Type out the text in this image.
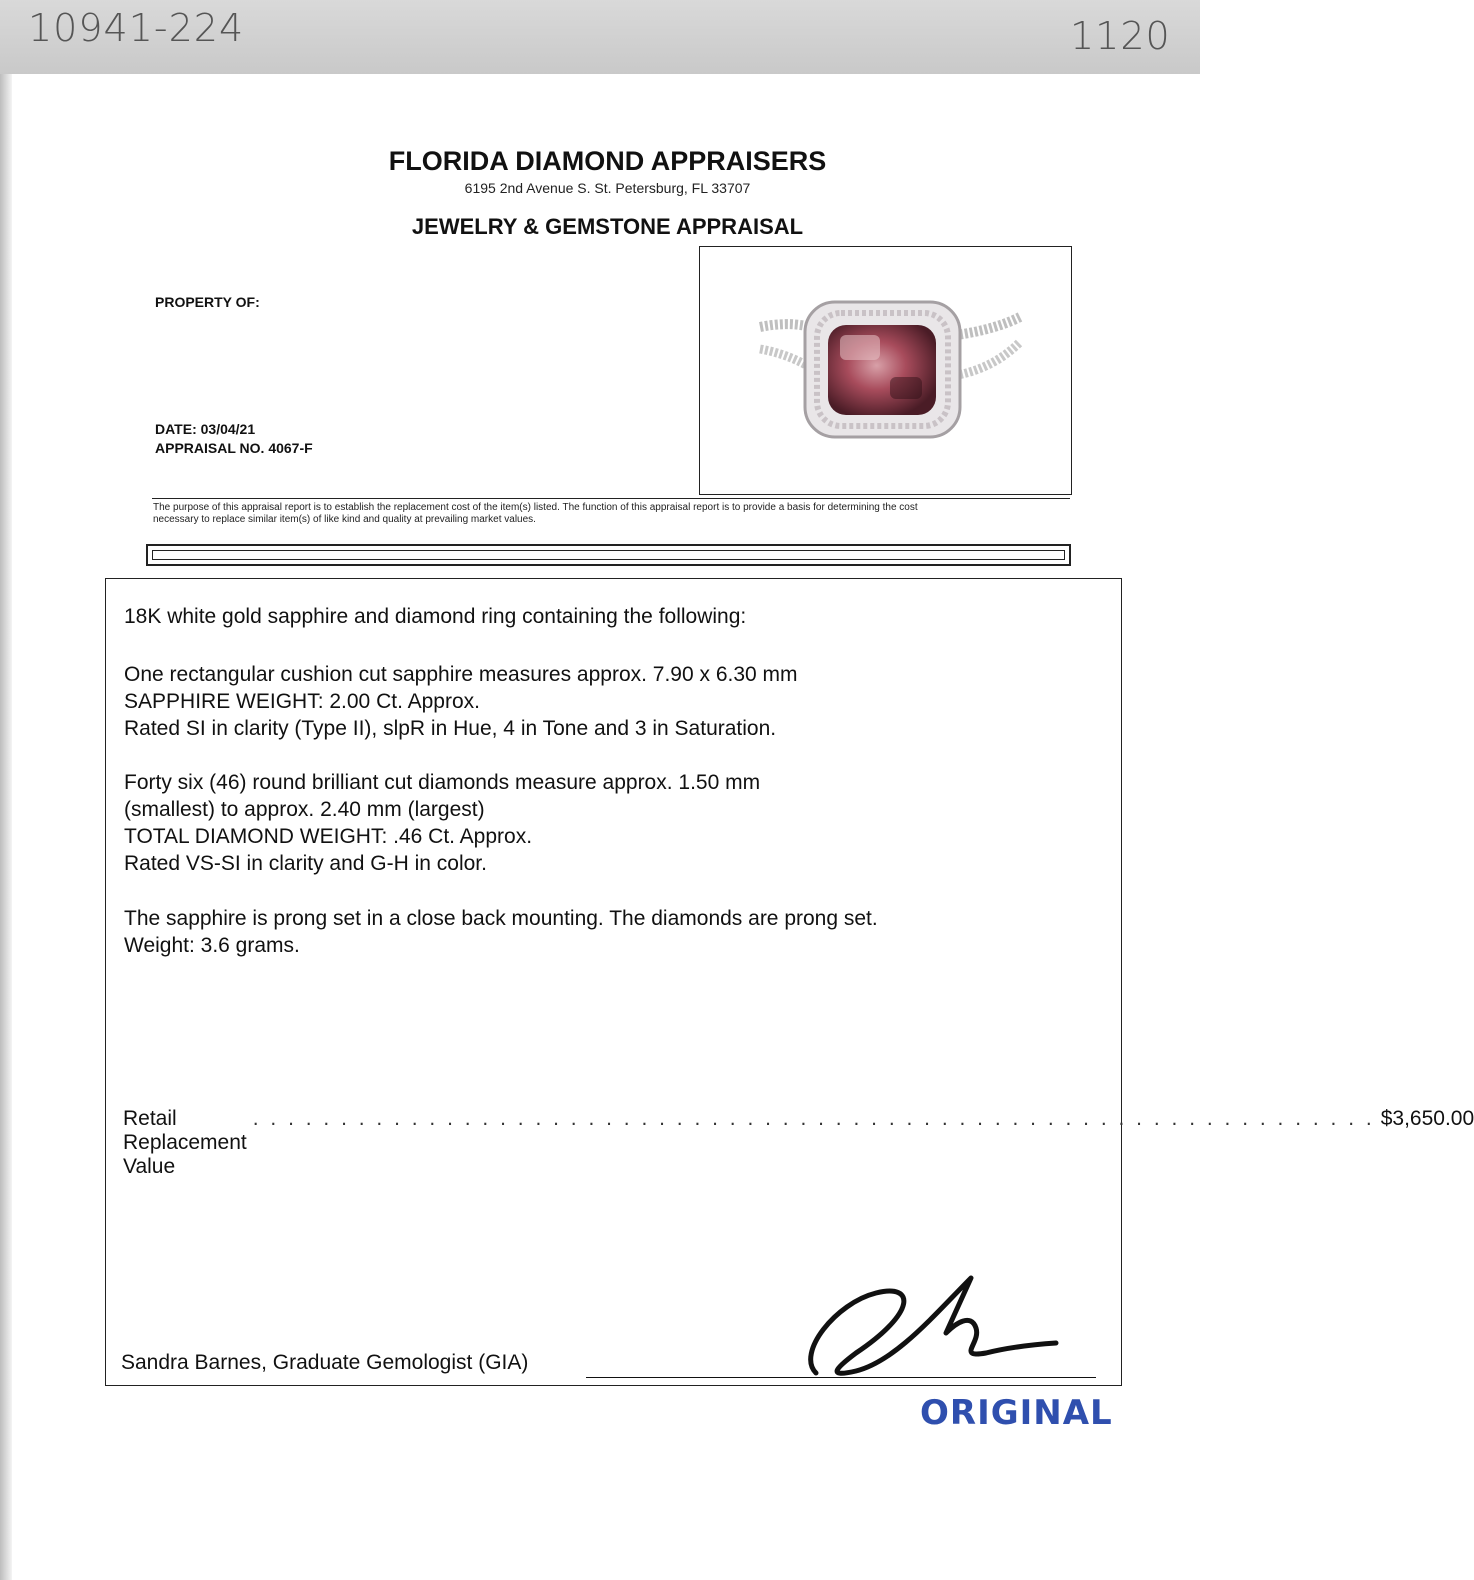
10941-224	1120
FLORIDA DIAMOND APPRAISERS
6195 2nd Avenue S. St. Petersburg, FL 33707
JEWELRY & GEMSTONE APPRAISAL
PROPERTY OF:
DATE: 03/04/21
APPRAISAL NO. 4067-F
The purpose of this appraisal report is to establish the replacement cost of the item(s) listed. The function of this appraisal report is to provide a basis for determining the cost
necessary to replace similar item(s) of like kind and quality at prevailing market values.
18K white gold sapphire and diamond ring containing the following:
One rectangular cushion cut sapphire measures approx. 7.90 x 6.30 mm
SAPPHIRE WEIGHT: 2.00 Ct. Approx.
Rated SI in clarity (Type II), slpR in Hue, 4 in Tone and 3 in Saturation.
Forty six (46) round brilliant cut diamonds measure approx. 1.50 mm
(smallest) to approx. 2.40 mm (largest)
TOTAL DIAMOND WEIGHT: .46 Ct. Approx.
Rated VS-SI in clarity and G-H in color.
The sapphire is prong set in a close back mounting. The diamonds are prong set.
Weight: 3.6 grams.
Retail Replacement Value
. . . . . . . . . . . . . . . . . . . . . . . . . . . . . . . . . . . . . . . . . . . . . . . . . . . . . . . . . . . . . . . . $3,650.00
Sandra Barnes, Graduate Gemologist (GIA)
ORIGINAL
